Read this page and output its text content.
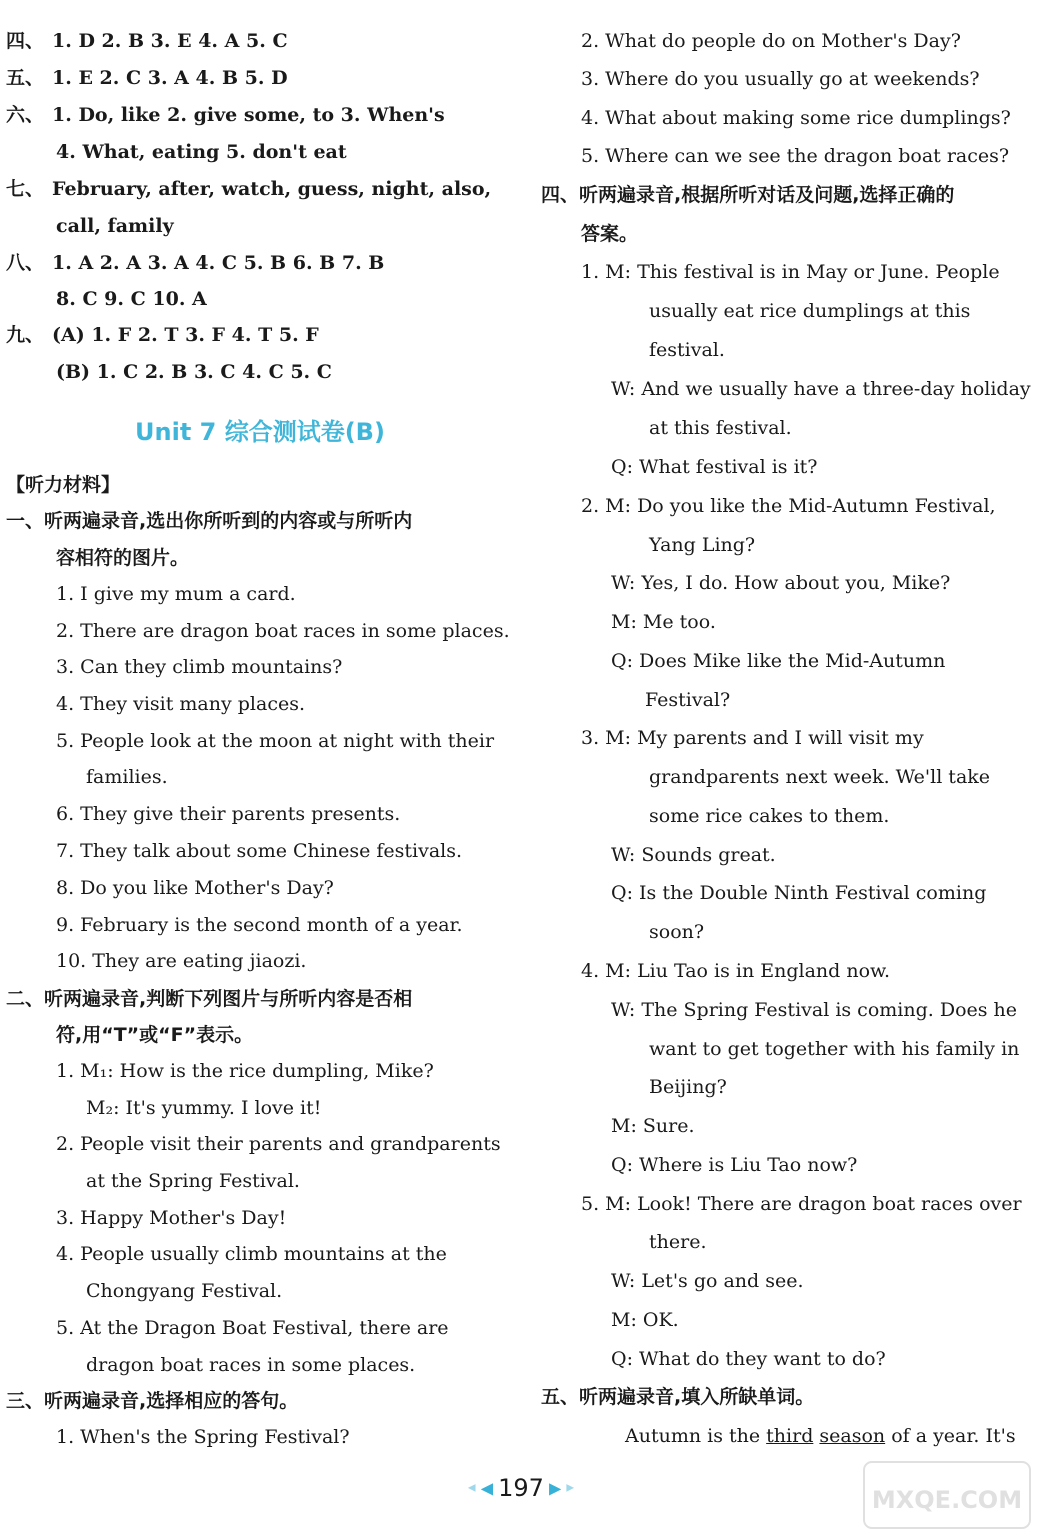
四、 1. D 2. B 3. E 4. A 5. C
五、 1. E 2. C 3. A 4. B 5. D
六、 1. Do, like 2. give some, to 3. When's
4. What, eating 5. don't eat
七、 February, after, watch, guess, night, also,
call, family
八、 1. A 2. A 3. A 4. C 5. B 6. B 7. B
8. C 9. C 10. A
九、 (A) 1. F 2. T 3. F 4. T 5. F
(B) 1. C 2. B 3. C 4. C 5. C
Unit 7 综合测试卷(B)
【听力材料】
一、听两遍录音,选出你所听到的内容或与所听内
容相符的图片。
1. I give my mum a card.
2. There are dragon boat races in some places.
3. Can they climb mountains?
4. They visit many places.
5. People look at the moon at night with their
families.
6. They give their parents presents.
7. They talk about some Chinese festivals.
8. Do you like Mother's Day?
9. February is the second month of a year.
10. They are eating jiaozi.
二、听两遍录音,判断下列图片与所听内容是否相
符,用“T”或“F”表示。
1. M₁: How is the rice dumpling, Mike?
M₂: It's yummy. I love it!
2. People visit their parents and grandparents
at the Spring Festival.
3. Happy Mother's Day!
4. People usually climb mountains at the
Chongyang Festival.
5. At the Dragon Boat Festival, there are
dragon boat races in some places.
三、听两遍录音,选择相应的答句。
1. When's the Spring Festival?
2. What do people do on Mother's Day?
3. Where do you usually go at weekends?
4. What about making some rice dumplings?
5. Where can we see the dragon boat races?
四、听两遍录音,根据所听对话及问题,选择正确的
答案。
1. M: This festival is in May or June. People
usually eat rice dumplings at this
festival.
W: And we usually have a three-day holiday
at this festival.
Q: What festival is it?
2. M: Do you like the Mid-Autumn Festival,
Yang Ling?
W: Yes, I do. How about you, Mike?
M: Me too.
Q: Does Mike like the Mid-Autumn
Festival?
3. M: My parents and I will visit my
grandparents next week. We'll take
some rice cakes to them.
W: Sounds great.
Q: Is the Double Ninth Festival coming
soon?
4. M: Liu Tao is in England now.
W: The Spring Festival is coming. Does he
want to get together with his family in
Beijing?
M: Sure.
Q: Where is Liu Tao now?
5. M: Look! There are dragon boat races over
there.
W: Let's go and see.
M: OK.
Q: What do they want to do?
五、听两遍录音,填入所缺单词。
Autumn is the third season of a year. It's
◀ ◀ 197 ▶ ▶	MXQE.COM
